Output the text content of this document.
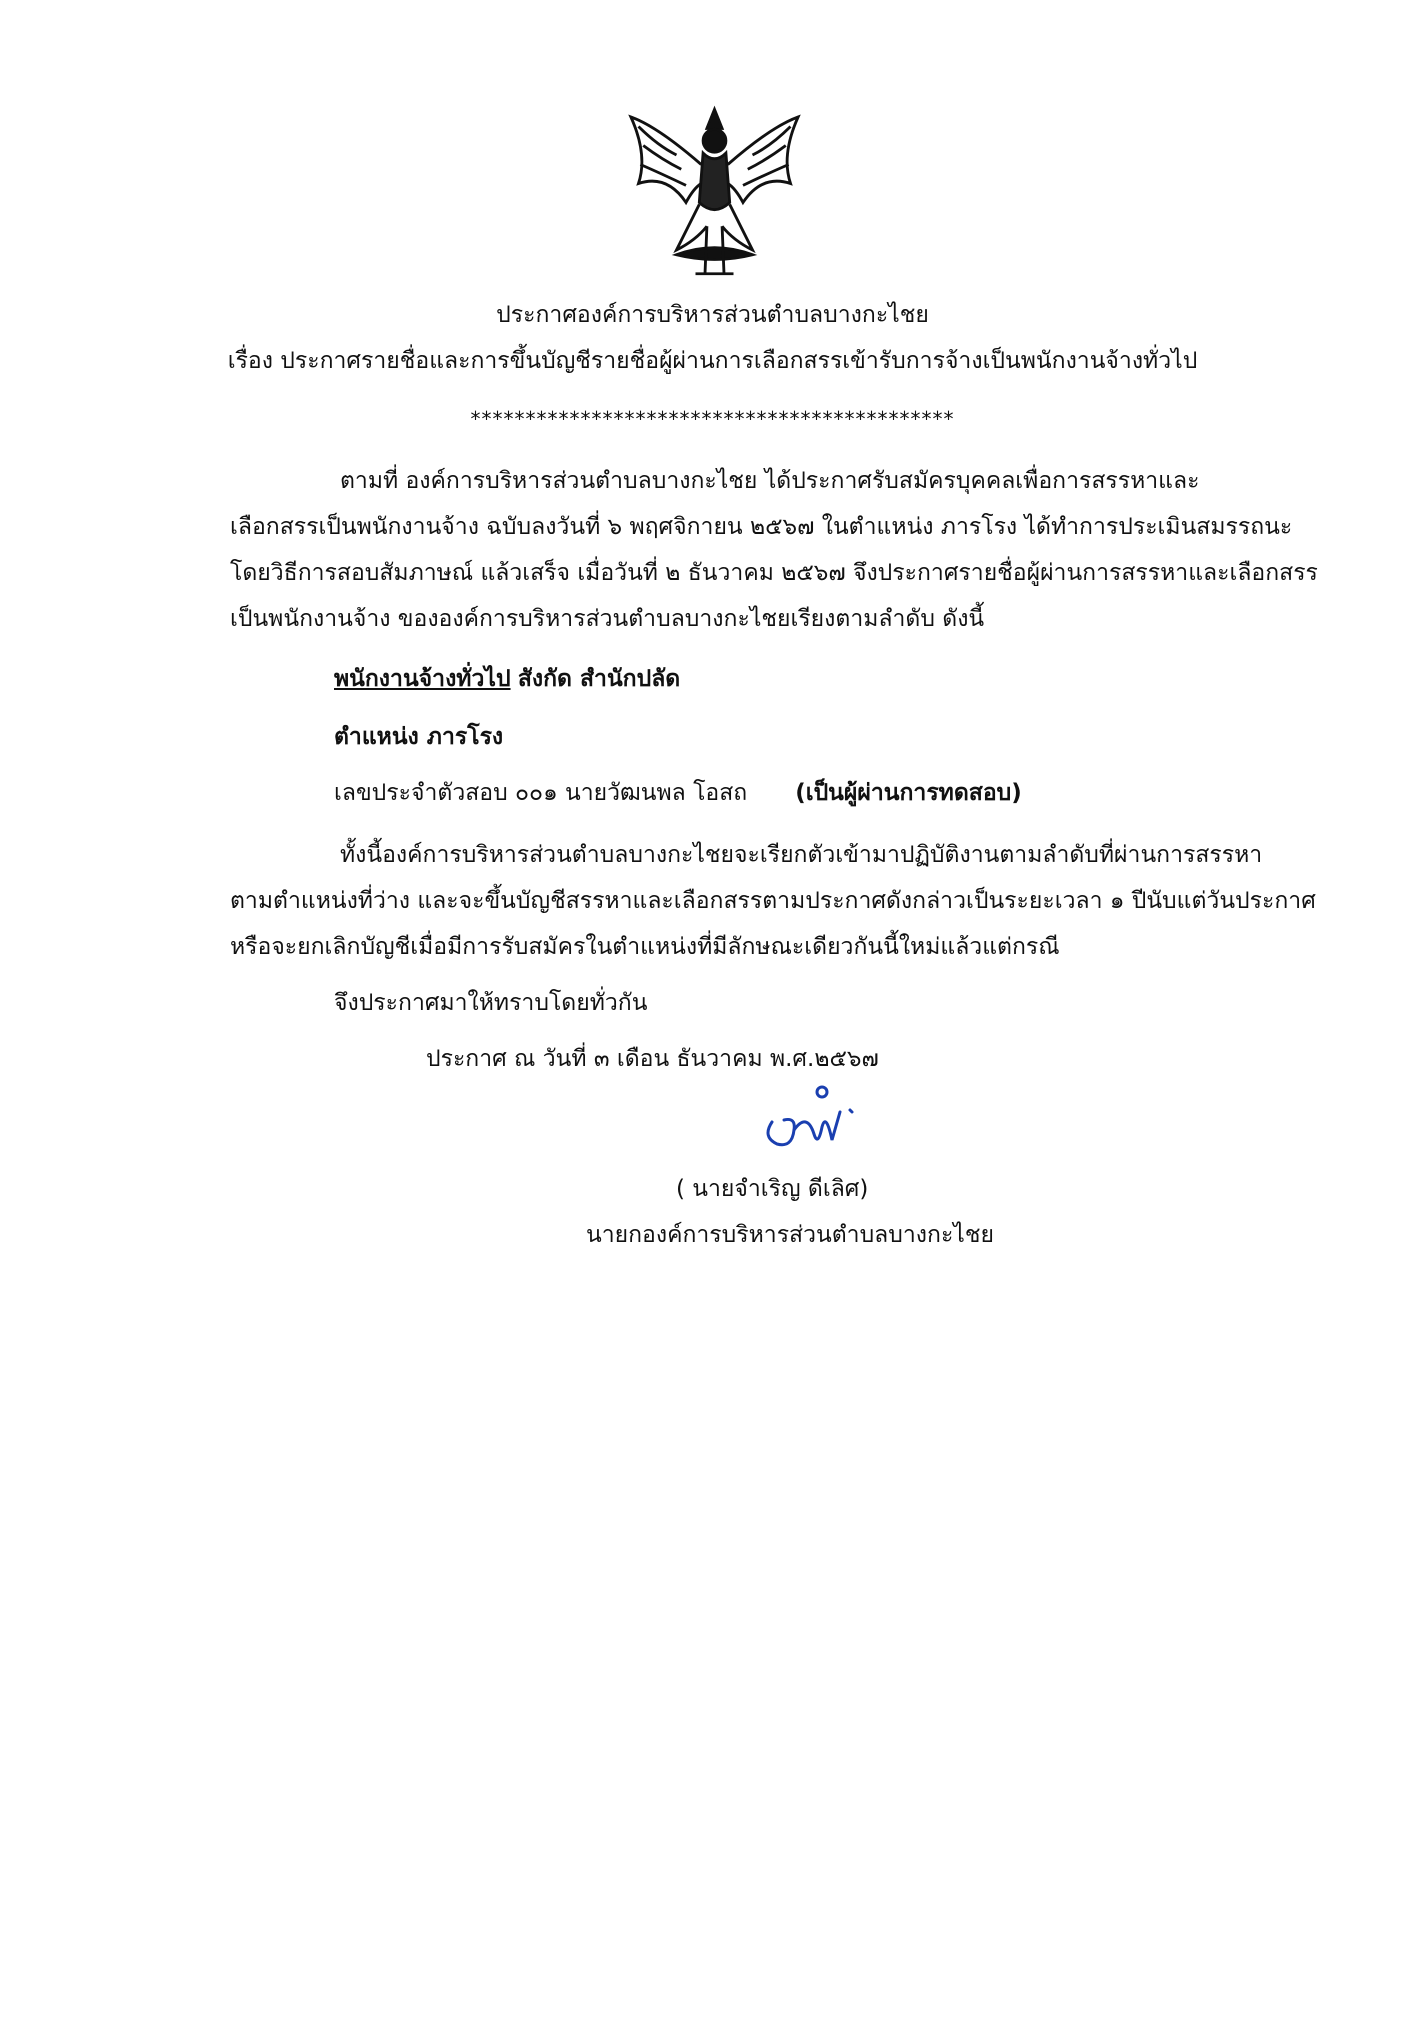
ประกาศองค์การบริหารส่วนตำบลบางกะไชย
เรื่อง ประกาศรายชื่อและการขึ้นบัญชีรายชื่อผู้ผ่านการเลือกสรรเข้ารับการจ้างเป็นพนักงานจ้างทั่วไป
********************************************
ตามที่ องค์การบริหารส่วนตำบลบางกะไชย ได้ประกาศรับสมัครบุคคลเพื่อการสรรหาและ
เลือกสรรเป็นพนักงานจ้าง ฉบับลงวันที่ ๖ พฤศจิกายน ๒๕๖๗ ในตำแหน่ง ภารโรง ได้ทำการประเมินสมรรถนะ
โดยวิธีการสอบสัมภาษณ์ แล้วเสร็จ เมื่อวันที่ ๒ ธันวาคม ๒๕๖๗ จึงประกาศรายชื่อผู้ผ่านการสรรหาและเลือกสรร
เป็นพนักงานจ้าง ขององค์การบริหารส่วนตำบลบางกะไชยเรียงตามลำดับ ดังนี้
พนักงานจ้างทั่วไป สังกัด สำนักปลัด
ตำแหน่ง ภารโรง
เลขประจำตัวสอบ ๐๐๑ นายวัฒนพล โอสถ (เป็นผู้ผ่านการทดสอบ)
ทั้งนี้องค์การบริหารส่วนตำบลบางกะไชยจะเรียกตัวเข้ามาปฏิบัติงานตามลำดับที่ผ่านการสรรหา
ตามตำแหน่งที่ว่าง และจะขึ้นบัญชีสรรหาและเลือกสรรตามประกาศดังกล่าวเป็นระยะเวลา ๑ ปีนับแต่วันประกาศ
หรือจะยกเลิกบัญชีเมื่อมีการรับสมัครในตำแหน่งที่มีลักษณะเดียวกันนี้ใหม่แล้วแต่กรณี
จึงประกาศมาให้ทราบโดยทั่วกัน
ประกาศ ณ วันที่ ๓ เดือน ธันวาคม พ.ศ.๒๕๖๗
( นายจำเริญ ดีเลิศ)
นายกองค์การบริหารส่วนตำบลบางกะไชย
